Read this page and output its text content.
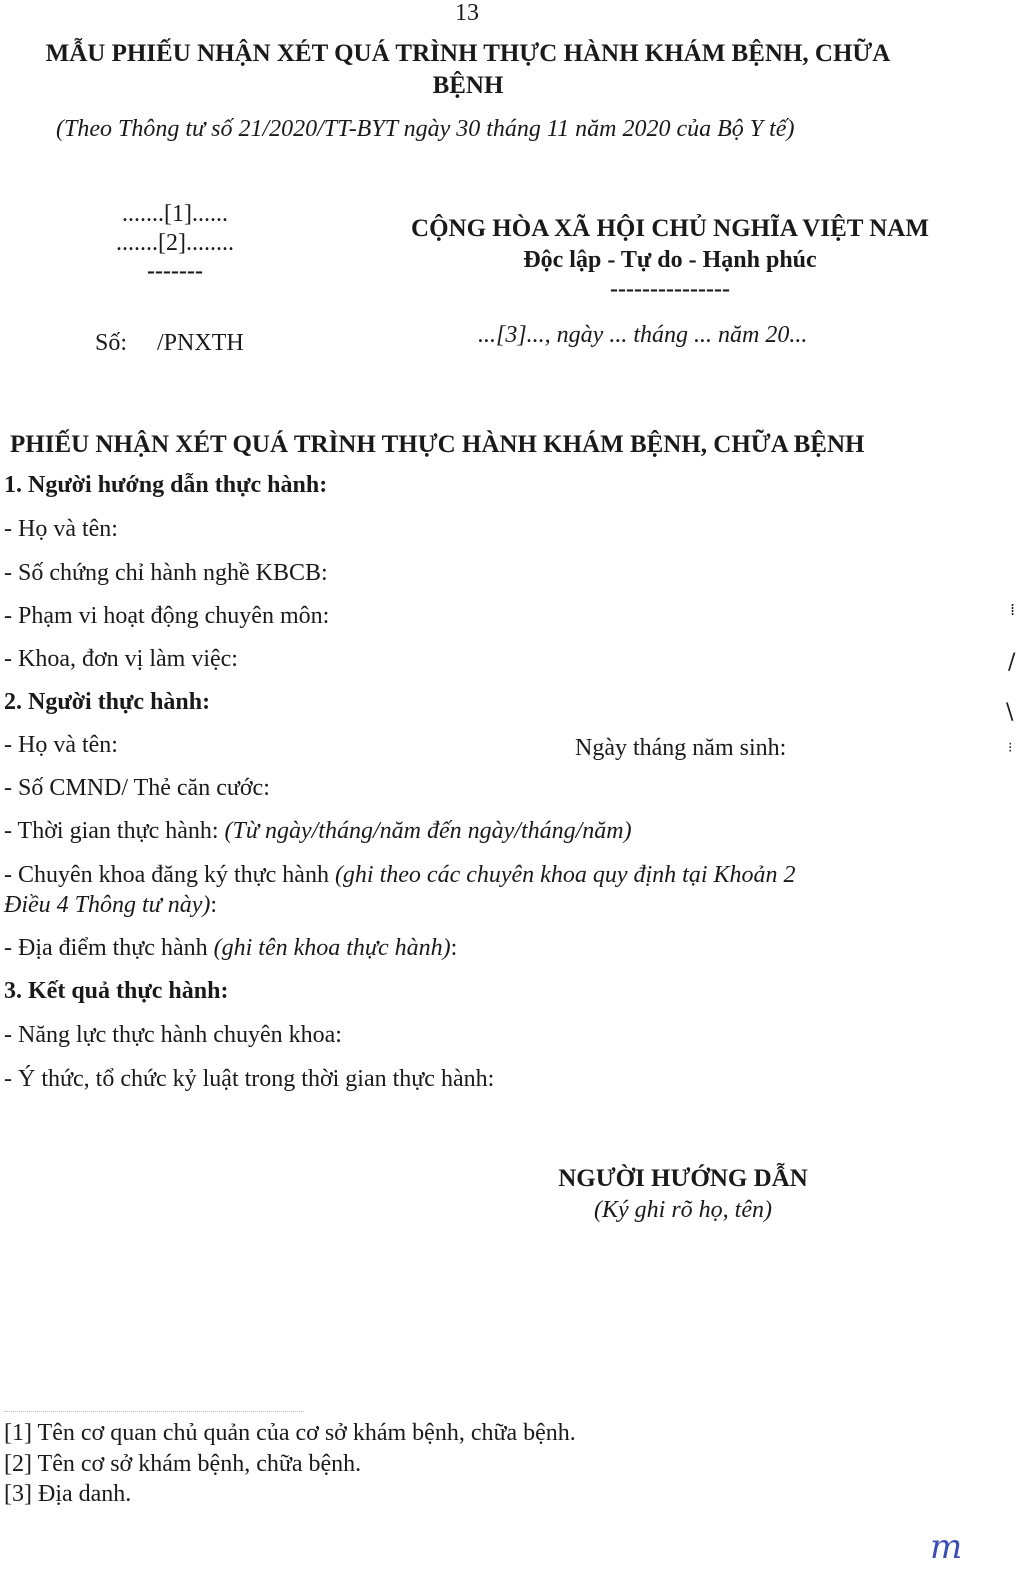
13
MẪU PHIẾU NHẬN XÉT QUÁ TRÌNH THỰC HÀNH KHÁM BỆNH, CHỮA
BỆNH
(Theo Thông tư số 21/2020/TT-BYT ngày 30 tháng 11 năm 2020 của Bộ Y tế)
.......[1]......
.......[2]........
-------
Số:     /PNXTH
CỘNG HÒA XÃ HỘI CHỦ NGHĨA VIỆT NAM
Độc lập - Tự do - Hạnh phúc
---------------
...[3]..., ngày ... tháng ... năm 20...
PHIẾU NHẬN XÉT QUÁ TRÌNH THỰC HÀNH KHÁM BỆNH, CHỮA BỆNH
1. Người hướng dẫn thực hành:
- Họ và tên:
- Số chứng chỉ hành nghề KBCB:
- Phạm vi hoạt động chuyên môn:
- Khoa, đơn vị làm việc:
2. Người thực hành:
- Họ và tên:	Ngày tháng năm sinh:
- Số CMND/ Thẻ căn cước:
- Thời gian thực hành: (Từ ngày/tháng/năm đến ngày/tháng/năm)
- Chuyên khoa đăng ký thực hành (ghi theo các chuyên khoa quy định tại Khoản 2
Điều 4 Thông tư này):
- Địa điểm thực hành (ghi tên khoa thực hành):
3. Kết quả thực hành:
- Năng lực thực hành chuyên khoa:
- Ý thức, tổ chức kỷ luật trong thời gian thực hành:
NGƯỜI HƯỚNG DẪN
(Ký ghi rõ họ, tên)
[1] Tên cơ quan chủ quản của cơ sở khám bệnh, chữa bệnh.
[2] Tên cơ sở khám bệnh, chữa bệnh.
[3] Địa danh.
⁞
/
\
⁝
m
